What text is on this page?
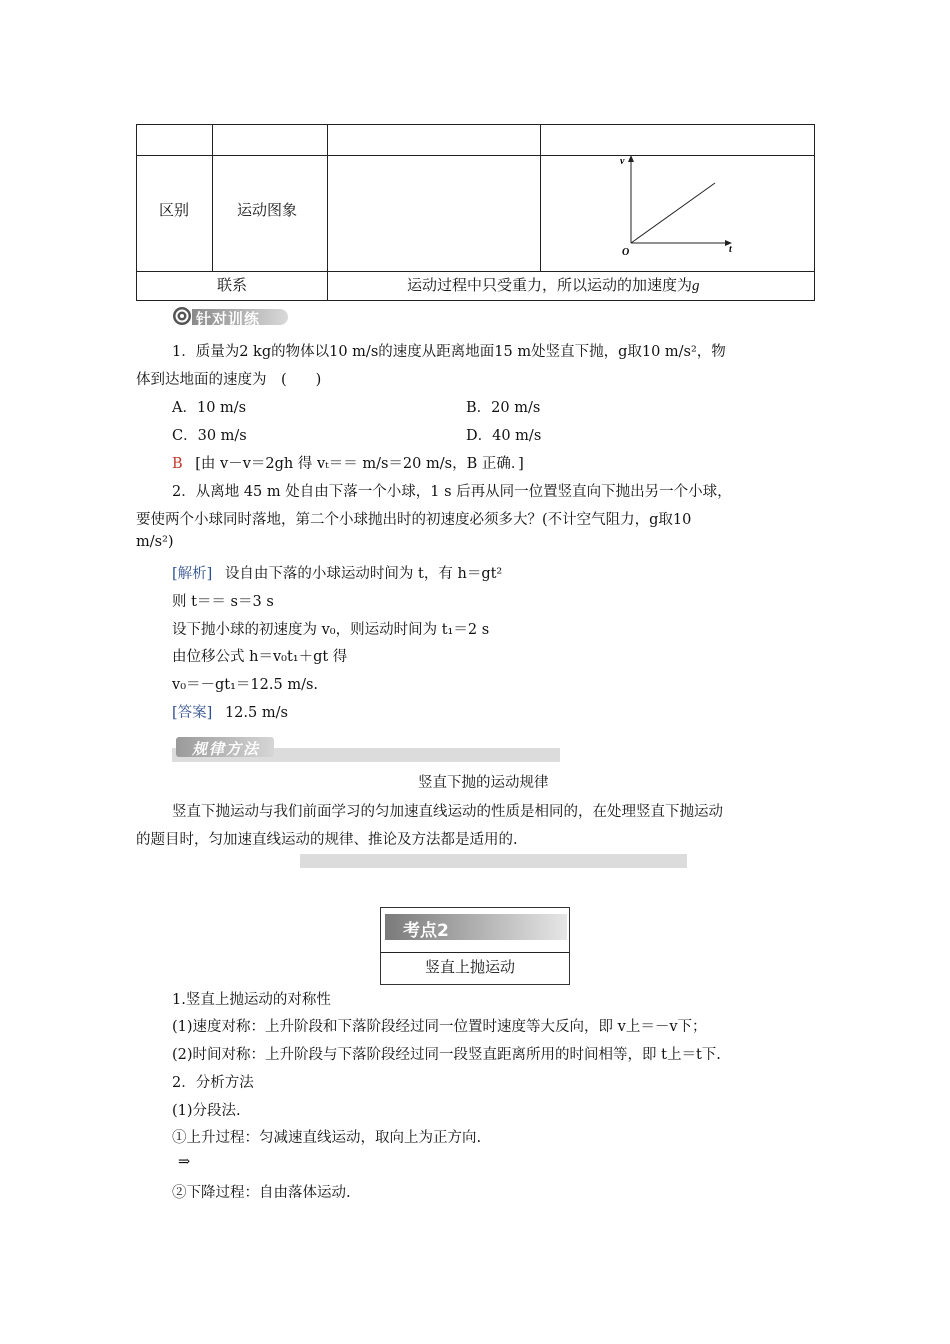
区别	运动图象
v
t
O
联系	运动过程中只受重力，所以运动的加速度为g
针对训练
1．质量为2 kg的物体以10 m/s的速度从距离地面15 m处竖直下抛，g取10 m/s²，物
体到达地面的速度为　(　　)
A．10 m/s	B．20 m/s
C．30 m/s	D．40 m/s
B [由 v－v＝2gh 得 vₜ＝＝ m/s＝20 m/s，B 正确．]
2．从离地 45 m 处自由下落一个小球，1 s 后再从同一位置竖直向下抛出另一个小球，
要使两个小球同时落地，第二个小球抛出时的初速度必须多大？(不计空气阻力，g取10
m/s²)
[解析] 设自由下落的小球运动时间为 t，有 h＝gt²
则 t＝＝ s＝3 s
设下抛小球的初速度为 v₀，则运动时间为 t₁＝2 s
由位移公式 h＝v₀t₁＋gt 得
v₀＝－gt₁＝12.5 m/s.
[答案] 12.5 m/s
规律方法
竖直下抛的运动规律
竖直下抛运动与我们前面学习的匀加速直线运动的性质是相同的，在处理竖直下抛运动
的题目时，匀加速直线运动的规律、推论及方法都是适用的.
考点2
竖直上抛运动
1.竖直上抛运动的对称性
(1)速度对称：上升阶段和下落阶段经过同一位置时速度等大反向，即 v上＝－v下；
(2)时间对称：上升阶段与下落阶段经过同一段竖直距离所用的时间相等，即 t上＝t下.
2．分析方法
(1)分段法.
①上升过程：匀减速直线运动，取向上为正方向.
⇒
②下降过程：自由落体运动.
